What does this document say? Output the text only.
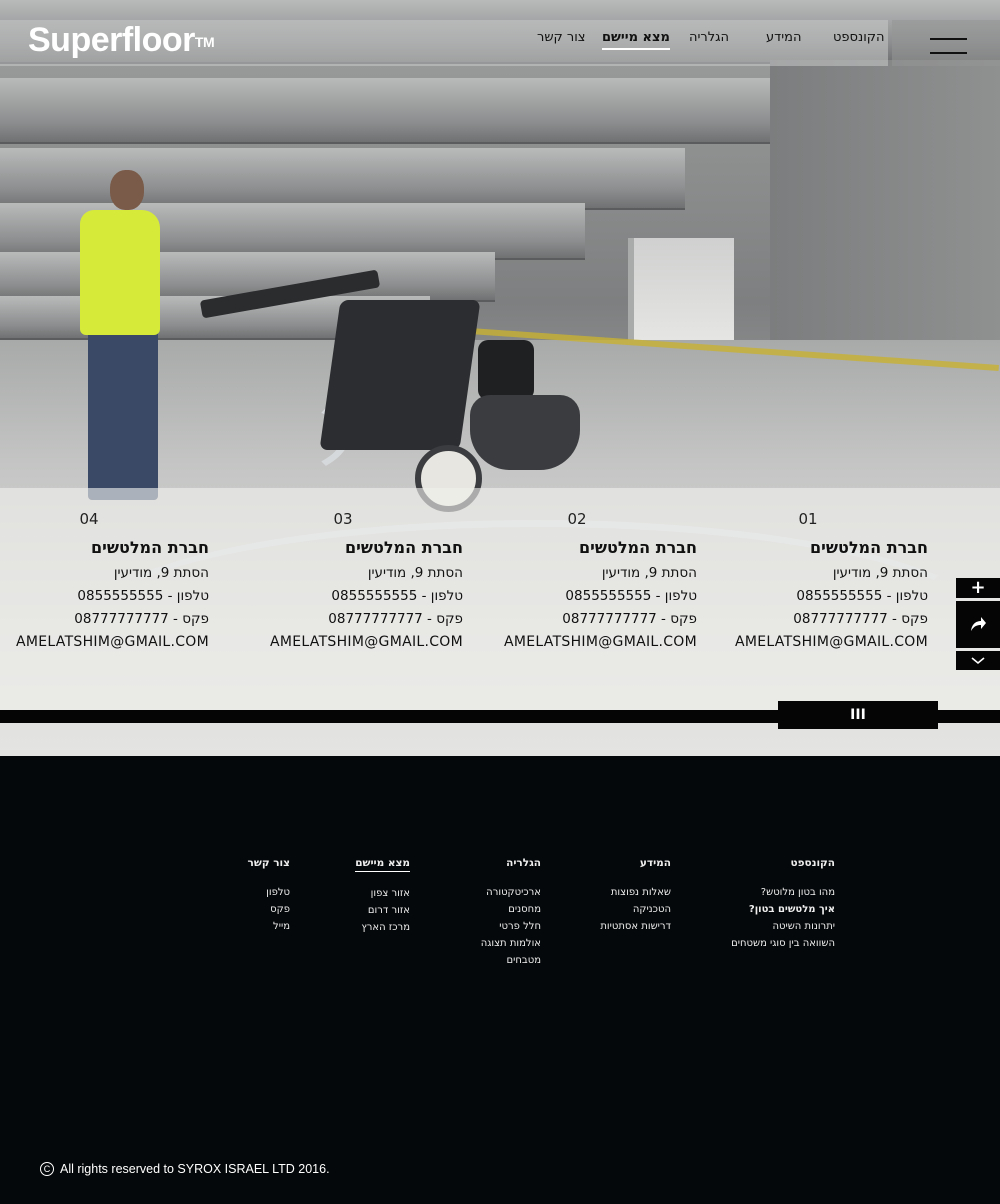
Superfloor™	צור קשר מצא מיישם הגלריה	המידע הקונספט
01
חברת המלטשים
הסתת 9, מודיעין
טלפון - 0855555555
פקס - 08777777777
AMELATSHIM@GMAIL.COM
02
חברת המלטשים
הסתת 9, מודיעין
טלפון - 0855555555
פקס - 08777777777
AMELATSHIM@GMAIL.COM
03
חברת המלטשים
הסתת 9, מודיעין
טלפון - 0855555555
פקס - 08777777777
AMELATSHIM@GMAIL.COM
04
חברת המלטשים
הסתת 9, מודיעין
טלפון - 0855555555
פקס - 08777777777
AMELATSHIM@GMAIL.COM
III
+
הקונספט
מהו בטון מלוטש?
איך מלטשים בטון?
יתרונות השיטה
השוואה בין סוגי משטחים
המידע
שאלות נפוצות
הטכניקה
דרישות אסתטיות
הגלריה
ארכיטקטורה
מחסנים
חלל פרטי
אולמות תצוגה
מטבחים
מצא מיישם
אזור צפון
אזור דרום
מרכז הארץ
צור קשר
טלפון
פקס
מייל
C All rights reserved to SYROX ISRAEL LTD 2016.
